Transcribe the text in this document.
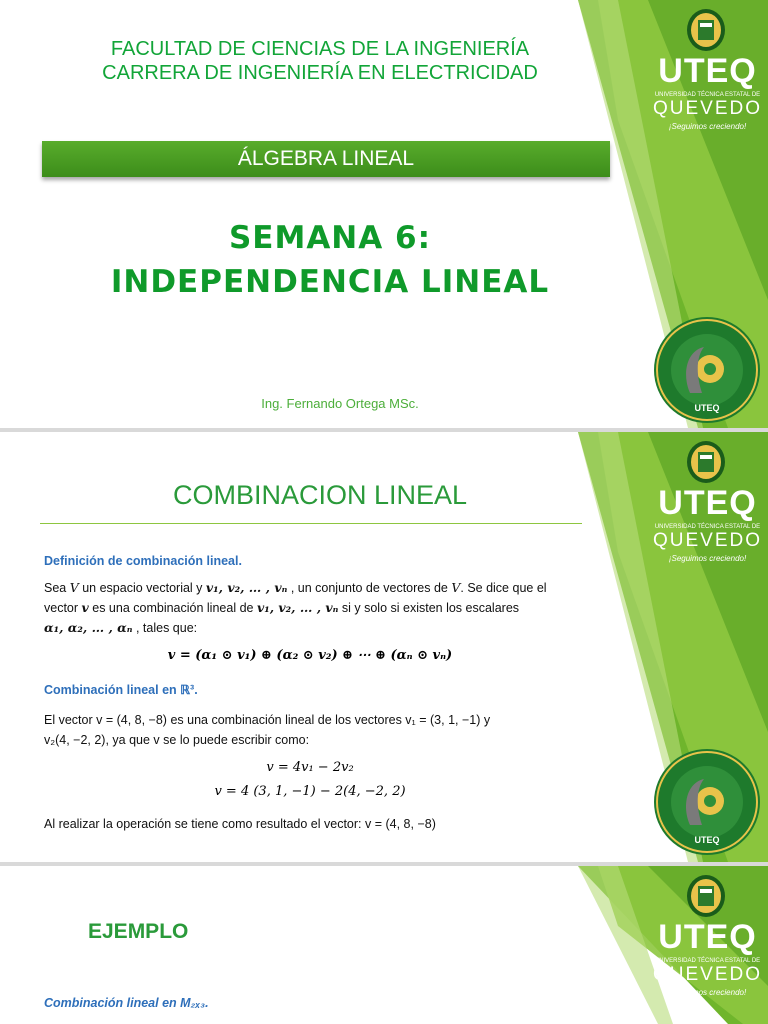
UTEQ
UNIVERSIDAD TÉCNICA ESTATAL DE
QUEVEDO
¡Seguimos creciendo!
UTEQ
FACULTAD DE CIENCIAS DE LA INGENIERÍA
CARRERA DE INGENIERÍA EN ELECTRICIDAD
ÁLGEBRA LINEAL
SEMANA 6:
INDEPENDENCIA LINEAL
Ing. Fernando Ortega MSc.
UTEQ
UNIVERSIDAD TÉCNICA ESTATAL DE
QUEVEDO
¡Seguimos creciendo!
UTEQ
COMBINACION LINEAL
Definición de combinación lineal.
Sea V un espacio vectorial y v₁, v₂, … , vₙ , un conjunto de vectores de V. Se dice que el
vector v es una combinación lineal de v₁, v₂, … , vₙ si y solo si existen los escalares
α₁, α₂, … , αₙ , tales que:
v = (α₁ ⊙ v₁) ⊕ (α₂ ⊙ v₂) ⊕ ⋯ ⊕ (αₙ ⊙ vₙ)
Combinación lineal en ℝ³.
El vector v = (4, 8, −8) es una combinación lineal de los vectores v₁ = (3, 1, −1) y
v₂(4, −2, 2), ya que v se lo puede escribir como:
v = 4v₁ − 2v₂
v = 4 (3, 1, −1) − 2(4, −2, 2)
Al realizar la operación se tiene como resultado el vector: v = (4, 8, −8)
UTEQ
UNIVERSIDAD TÉCNICA ESTATAL DE
QUEVEDO
¡Seguimos creciendo!
EJEMPLO
Combinación lineal en M₂ₓ₃.
